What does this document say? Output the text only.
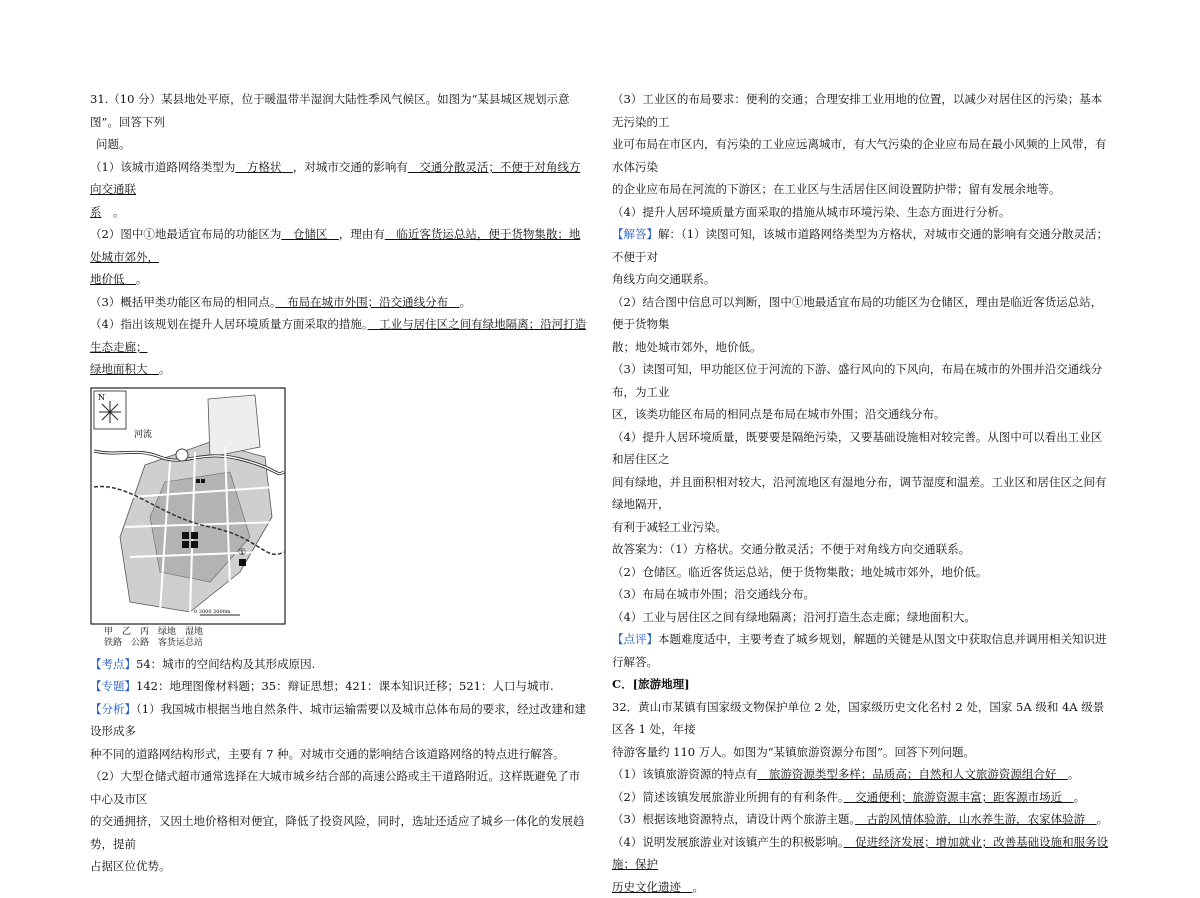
31.（10 分）某县地处平原，位于暖温带半湿润大陆性季风气候区。如图为“某县城区规划示意图”。回答下列

问题。

（1）该城市道路网络类型为　方格状　，对城市交通的影响有　交通分散灵活；不便于对角线方向交通联

系　。

（2）图中①地最适宜布局的功能区为　仓储区　，理由有　临近客货运总站，便于货物集散；地处城市郊外，

地价低　。

（3）概括甲类功能区布局的相同点。　布局在城市外围；沿交通线分布　。

（4）指出该规划在提升人居环境质量方面采取的措施。　工业与居住区之间有绿地隔离；沿河打造生态走廊；

绿地面积大　。

N
河流
①
0 3000 2000m
甲　乙　丙　绿地　湿地
铁路　公路　客货运总站

【考点】54：城市的空间结构及其形成原因.

【专题】142：地理图像材料题；35：辩证思想；421：课本知识迁移；521：人口与城市.

【分析】（1）我国城市根据当地自然条件、城市运输需要以及城市总体布局的要求，经过改建和建设形成多

种不同的道路网结构形式，主要有 7 种。对城市交通的影响结合该道路网络的特点进行解答。

（2）大型仓储式超市通常选择在大城市城乡结合部的高速公路或主干道路附近。这样既避免了市中心及市区

的交通拥挤，又因土地价格相对便宜，降低了投资风险，同时，选址还适应了城乡一体化的发展趋势，提前

占据区位优势。

（3）工业区的布局要求：便利的交通；合理安排工业用地的位置，以减少对居住区的污染；基本无污染的工

业可布局在市区内，有污染的工业应远离城市，有大气污染的企业应布局在最小风频的上风带，有水体污染

的企业应布局在河流的下游区；在工业区与生活居住区间设置防护带；留有发展余地等。

（4）提升人居环境质量方面采取的措施从城市环境污染、生态方面进行分析。

【解答】解：（1）读图可知，该城市道路网络类型为方格状，对城市交通的影响有交通分散灵活；不便于对

角线方向交通联系。

（2）结合图中信息可以判断，图中①地最适宜布局的功能区为仓储区，理由是临近客货运总站，便于货物集

散；地处城市郊外，地价低。

（3）读图可知，甲功能区位于河流的下游、盛行风向的下风向，布局在城市的外围并沿交通线分布，为工业

区，该类功能区布局的相同点是布局在城市外围；沿交通线分布。

（4）提升人居环境质量，既要要是隔绝污染，又要基础设施相对较完善。从图中可以看出工业区和居住区之

间有绿地，并且面积相对较大，沿河流地区有湿地分布，调节湿度和温差。工业区和居住区之间有绿地隔开，

有利于减轻工业污染。

故答案为：（1）方格状。交通分散灵活；不便于对角线方向交通联系。

（2）仓储区。临近客货运总站，便于货物集散；地处城市郊外，地价低。

（3）布局在城市外围；沿交通线分布。

（4）工业与居住区之间有绿地隔离；沿河打造生态走廊；绿地面积大。

【点评】本题难度适中，主要考查了城乡规划，解题的关键是从图文中获取信息并调用相关知识进行解答。

C．[旅游地理]

32．黄山市某镇有国家级文物保护单位 2 处，国家级历史文化名村 2 处，国家 5A 级和 4A 级景区各 1 处，年接

待游客量约 110 万人。如图为“某镇旅游资源分布图”。回答下列问题。

（1）该镇旅游资源的特点有　旅游资源类型多样；品质高；自然和人文旅游资源组合好　。

（2）简述该镇发展旅游业所拥有的有利条件。　交通便利；旅游资源丰富；距客源市场近　。

（3）根据该地资源特点，请设计两个旅游主题。　古韵风情体验游，山水养生游，农家体验游　。

（4）说明发展旅游业对该镇产生的积极影响。　促进经济发展；增加就业；改善基础设施和服务设施；保护

历史文化遗迹　。
